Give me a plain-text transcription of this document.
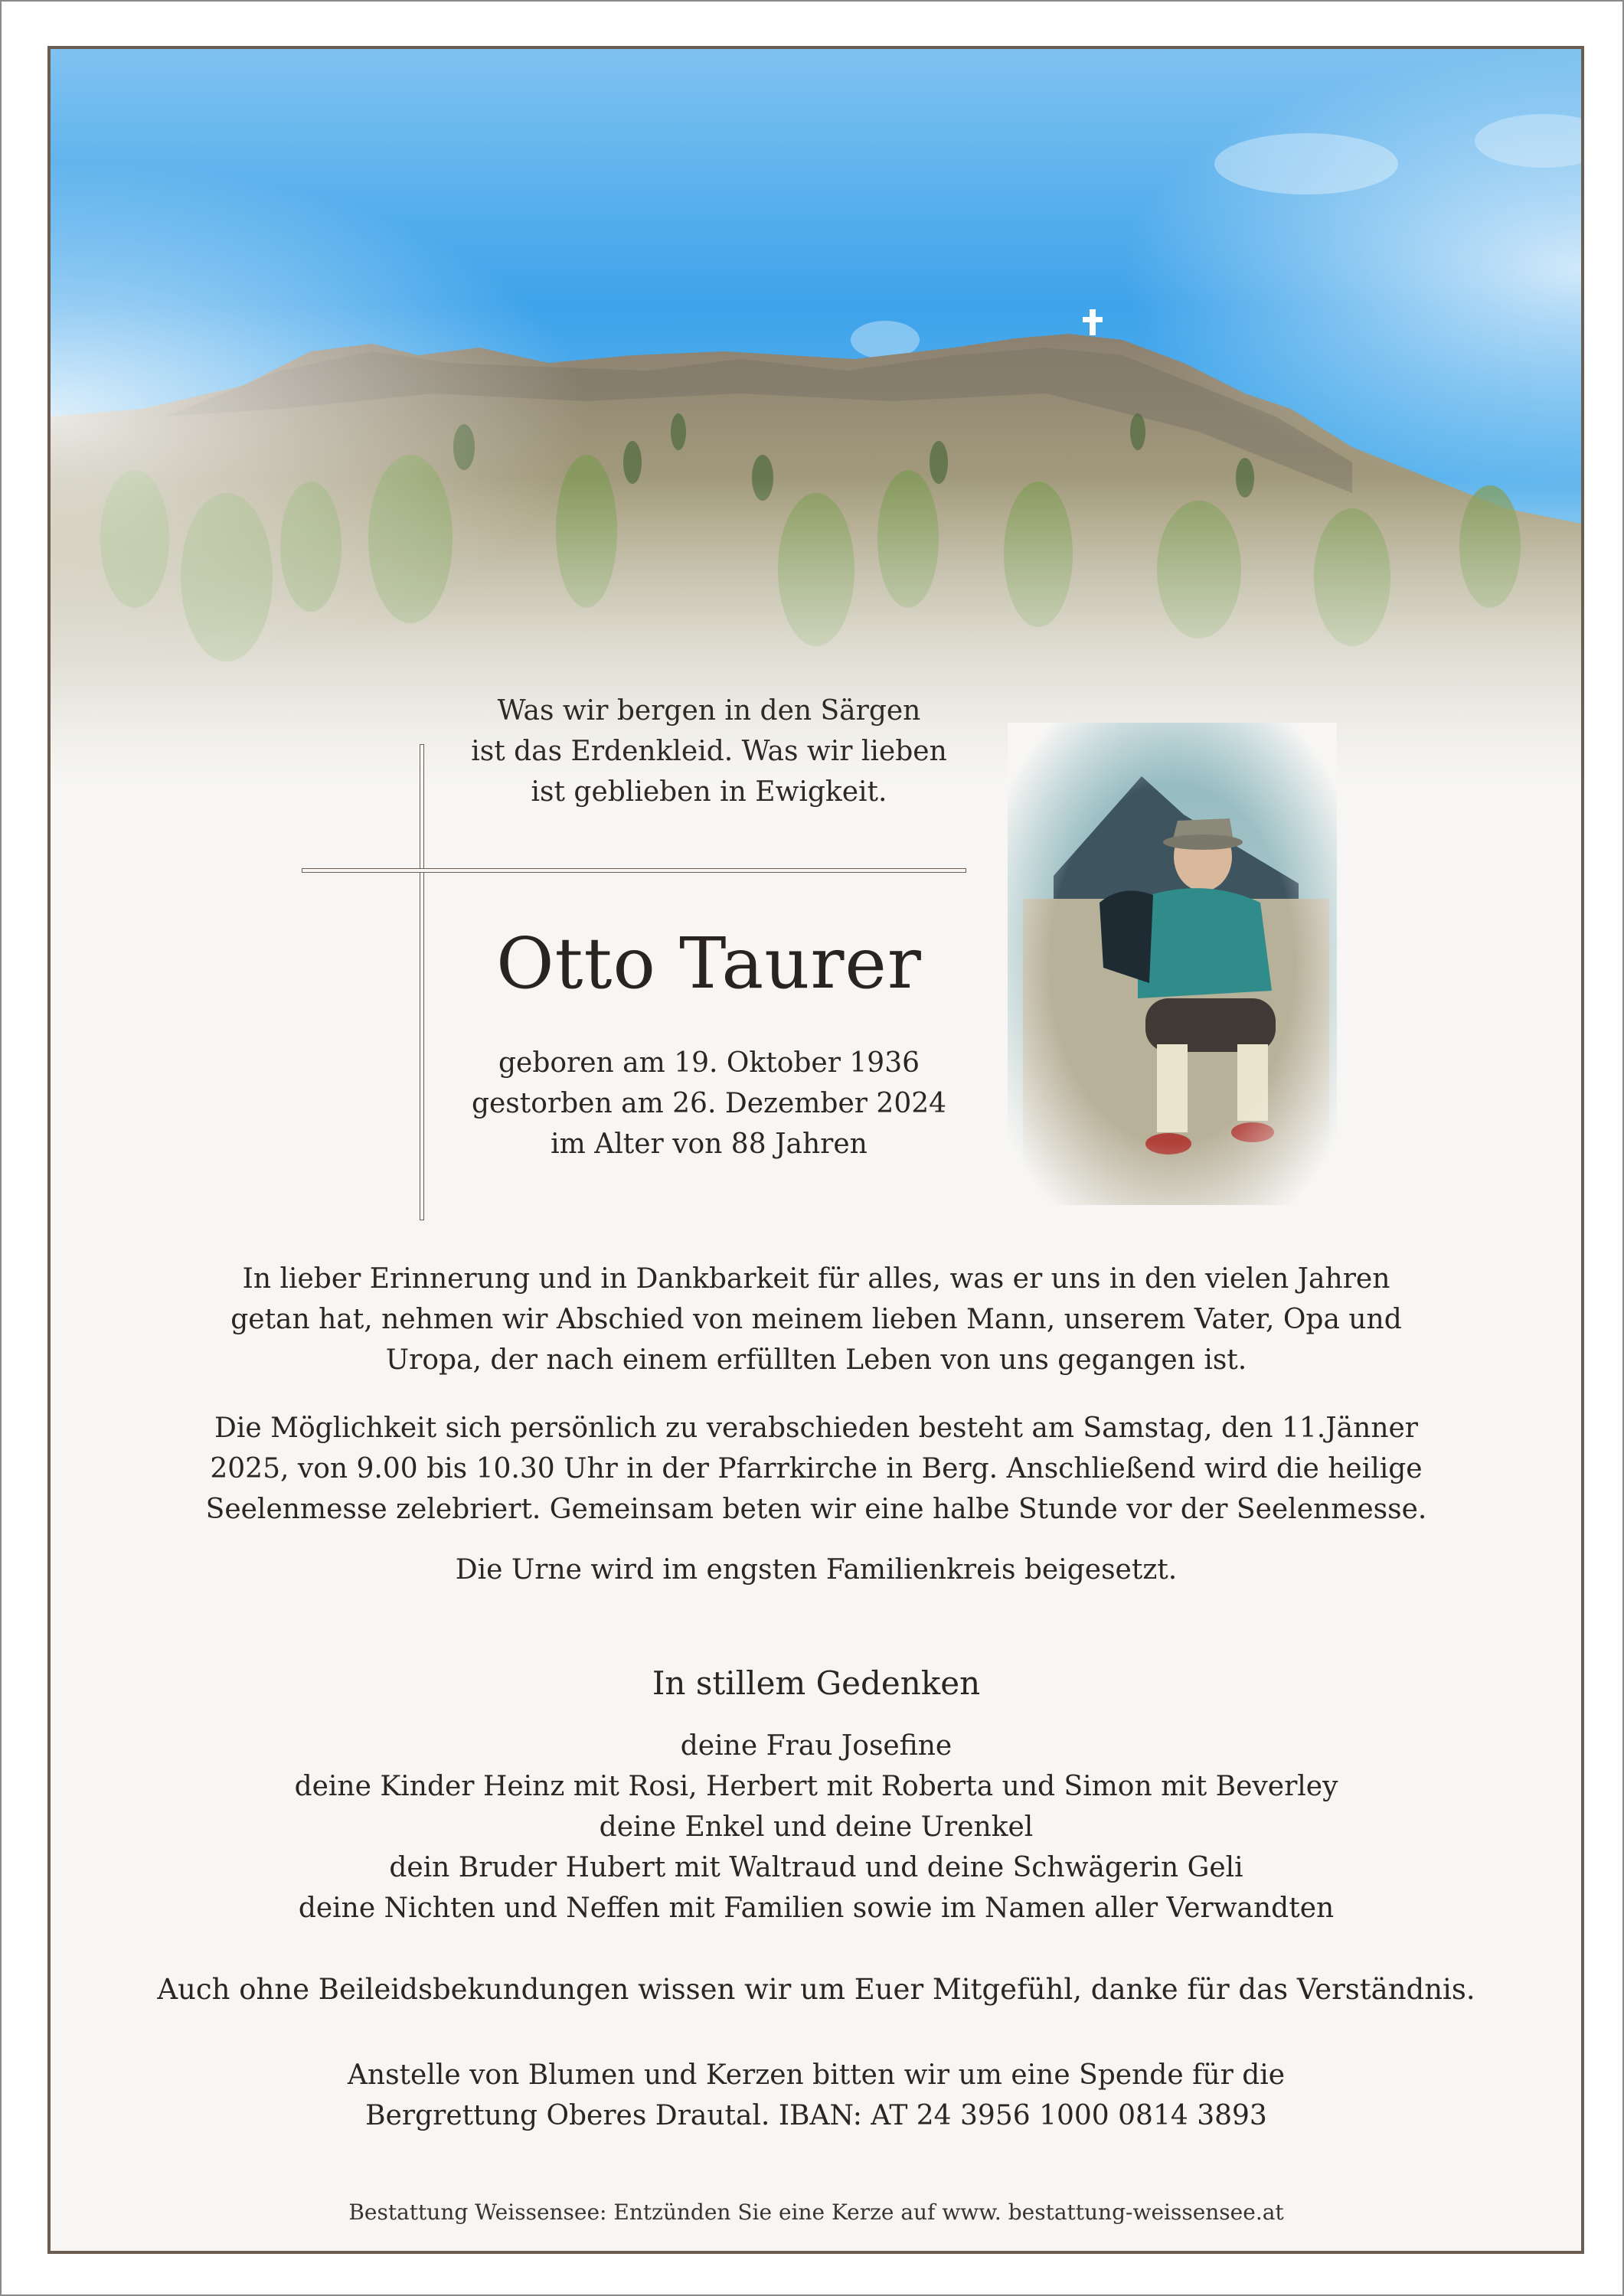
Was wir bergen in den Särgen
ist das Erdenkleid. Was wir lieben
ist geblieben in Ewigkeit.
Otto Taurer
geboren am 19. Oktober 1936
gestorben am 26. Dezember 2024
im Alter von 88 Jahren
In lieber Erinnerung und in Dankbarkeit für alles, was er uns in den vielen Jahren
getan hat, nehmen wir Abschied von meinem lieben Mann, unserem Vater, Opa und
Uropa, der nach einem erfüllten Leben von uns gegangen ist.
Die Möglichkeit sich persönlich zu verabschieden besteht am Samstag, den 11.Jänner
2025, von 9.00 bis 10.30 Uhr in der Pfarrkirche in Berg. Anschließend wird die heilige
Seelenmesse zelebriert. Gemeinsam beten wir eine halbe Stunde vor der Seelenmesse.
Die Urne wird im engsten Familienkreis beigesetzt.
In stillem Gedenken
deine Frau Josefine
deine Kinder Heinz mit Rosi, Herbert mit Roberta und Simon mit Beverley
deine Enkel und deine Urenkel
dein Bruder Hubert mit Waltraud und deine Schwägerin Geli
deine Nichten und Neffen mit Familien sowie im Namen aller Verwandten
Auch ohne Beileidsbekundungen wissen wir um Euer Mitgefühl, danke für das Verständnis.
Anstelle von Blumen und Kerzen bitten wir um eine Spende für die
Bergrettung Oberes Drautal. IBAN: AT 24 3956 1000 0814 3893
Bestattung Weissensee: Entzünden Sie eine Kerze auf www. bestattung-weissensee.at
